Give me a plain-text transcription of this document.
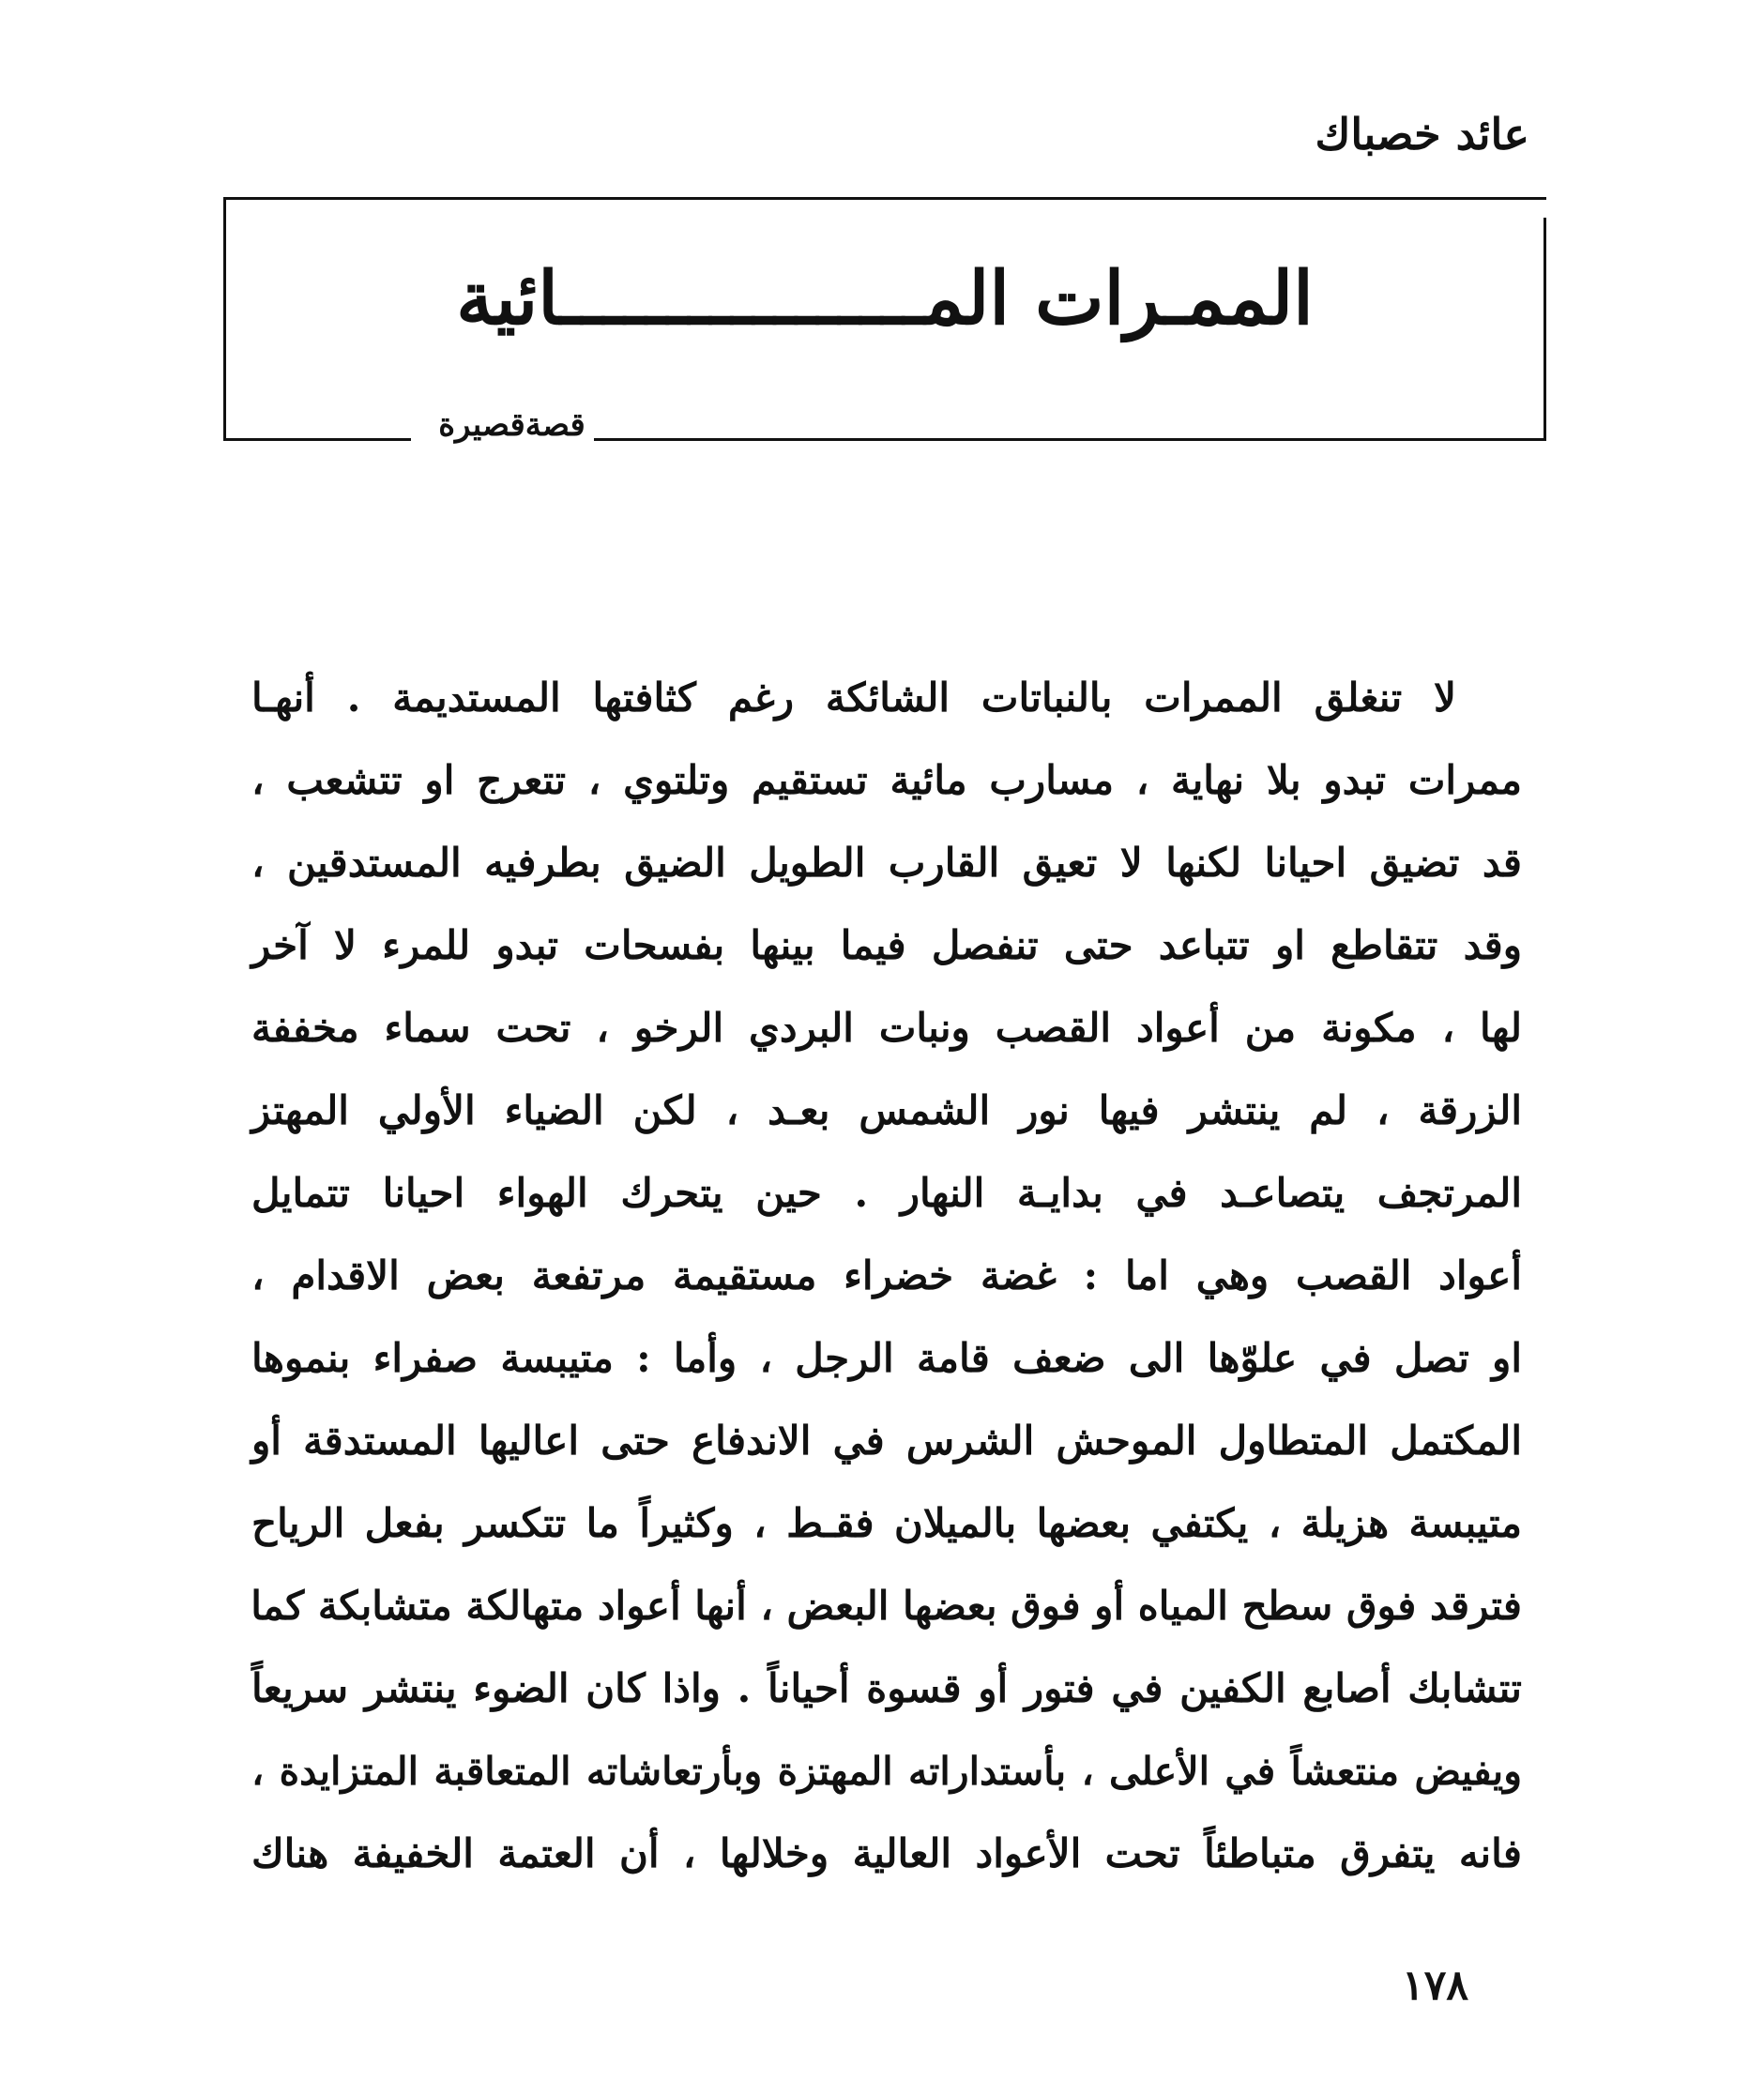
عائد خصباك
الممـرات المـــــــــــــــــائية
قصةقصيرة
لا تنغلق الممرات بالنباتات الشائكة رغم كثافتها المستديمة . أنهـا
ممرات تبدو بلا نهاية ، مسارب مائية تستقيم وتلتوي ، تتعرج او تتشعب ،
قد تضيق احيانا لكنها لا تعيق القارب الطويل الضيق بطرفيه المستدقين ،
وقد تتقاطع او تتباعد حتى تنفصل فيما بينها بفسحات تبدو للمرء لا آخر
لها ، مكونة من أعواد القصب ونبات البردي الرخو ، تحت سماء مخففة
الزرقة ، لم ينتشر فيها نور الشمس بعـد ، لكن الضياء الأولي المهتز
المرتجف يتصاعـد في بدايـة النهار . حين يتحرك الهواء احيانا تتمايل
أعواد القصب وهي اما : غضة خضراء مستقيمة مرتفعة بعض الاقدام ،
او تصل في علوّها الى ضعف قامة الرجل ، وأما : متيبسة صفراء بنموها
المكتمل المتطاول الموحش الشرس في الاندفاع حتى اعاليها المستدقة أو
متيبسة هزيلة ، يكتفي بعضها بالميلان فقـط ، وكثيراً ما تتكسر بفعل الرياح
فترقد فوق سطح المياه أو فوق بعضها البعض ، أنها أعواد متهالكة متشابكة كما
تتشابك أصابع الكفين في فتور أو قسوة أحياناً . واذا كان الضوء ينتشر سريعاً
ويفيض منتعشاً في الأعلى ، بأستداراته المهتزة وبأرتعاشاته المتعاقبة المتزايدة ،
فانه يتفرق متباطئاً تحت الأعواد العالية وخلالها ، أن العتمة الخفيفة هناك
١٧٨
